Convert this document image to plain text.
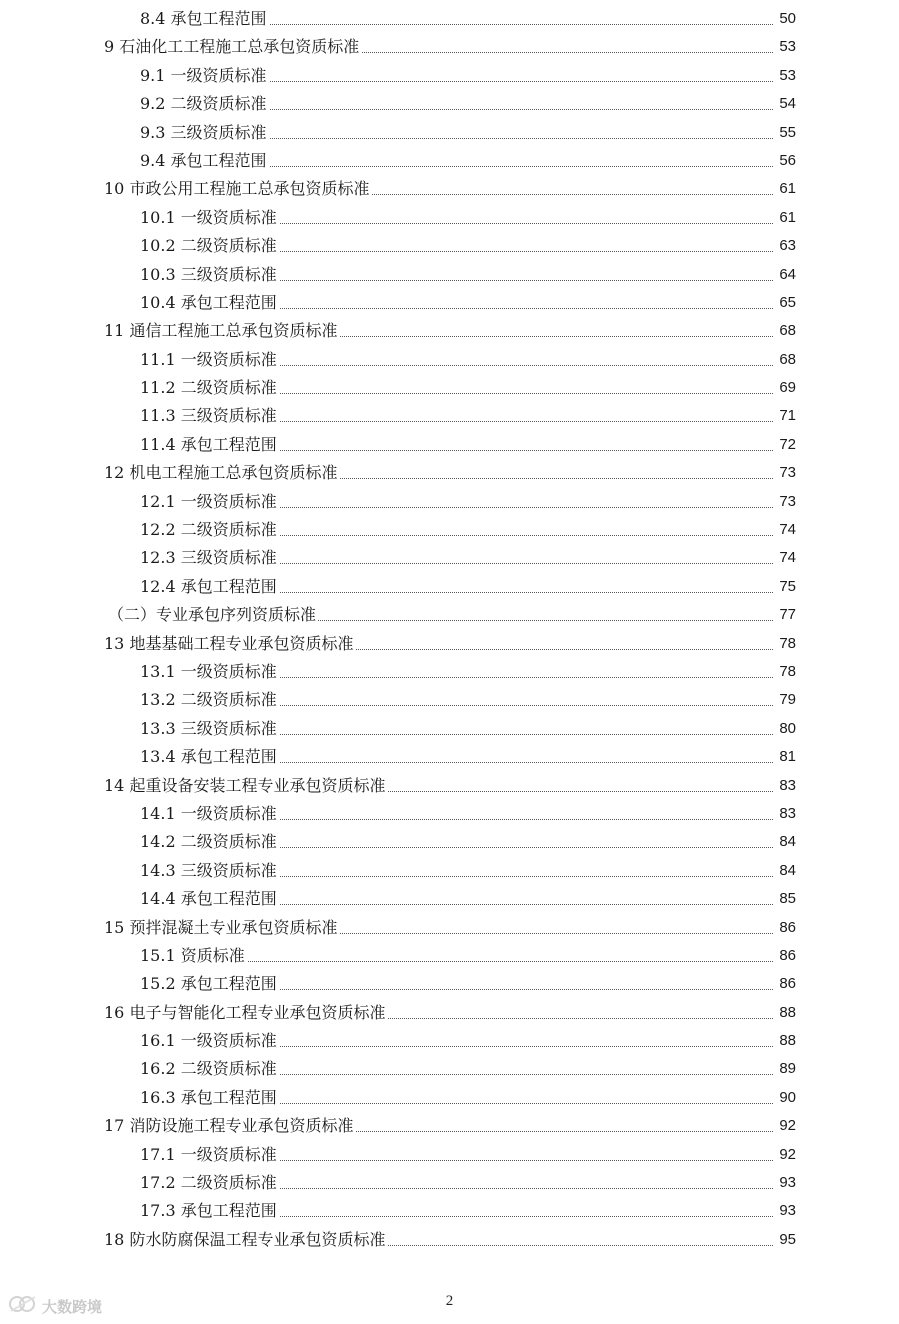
8.4 承包工程范围	50
9 石油化工工程施工总承包资质标准	53
9.1 一级资质标准	53
9.2 二级资质标准	54
9.3 三级资质标准	55
9.4 承包工程范围	56
10 市政公用工程施工总承包资质标准	61
10.1 一级资质标准	61
10.2 二级资质标准	63
10.3 三级资质标准	64
10.4 承包工程范围	65
11 通信工程施工总承包资质标准	68
11.1 一级资质标准	68
11.2 二级资质标准	69
11.3 三级资质标准	71
11.4 承包工程范围	72
12 机电工程施工总承包资质标准	73
12.1 一级资质标准	73
12.2 二级资质标准	74
12.3 三级资质标准	74
12.4 承包工程范围	75
（二）专业承包序列资质标准	77
13 地基基础工程专业承包资质标准	78
13.1 一级资质标准	78
13.2 二级资质标准	79
13.3 三级资质标准	80
13.4 承包工程范围	81
14 起重设备安装工程专业承包资质标准	83
14.1 一级资质标准	83
14.2 二级资质标准	84
14.3 三级资质标准	84
14.4 承包工程范围	85
15 预拌混凝土专业承包资质标准	86
15.1 资质标准	86
15.2 承包工程范围	86
16 电子与智能化工程专业承包资质标准	88
16.1 一级资质标准	88
16.2 二级资质标准	89
16.3 承包工程范围	90
17 消防设施工程专业承包资质标准	92
17.1 一级资质标准	92
17.2 二级资质标准	93
17.3 承包工程范围	93
18 防水防腐保温工程专业承包资质标准	95
2
大数跨境
